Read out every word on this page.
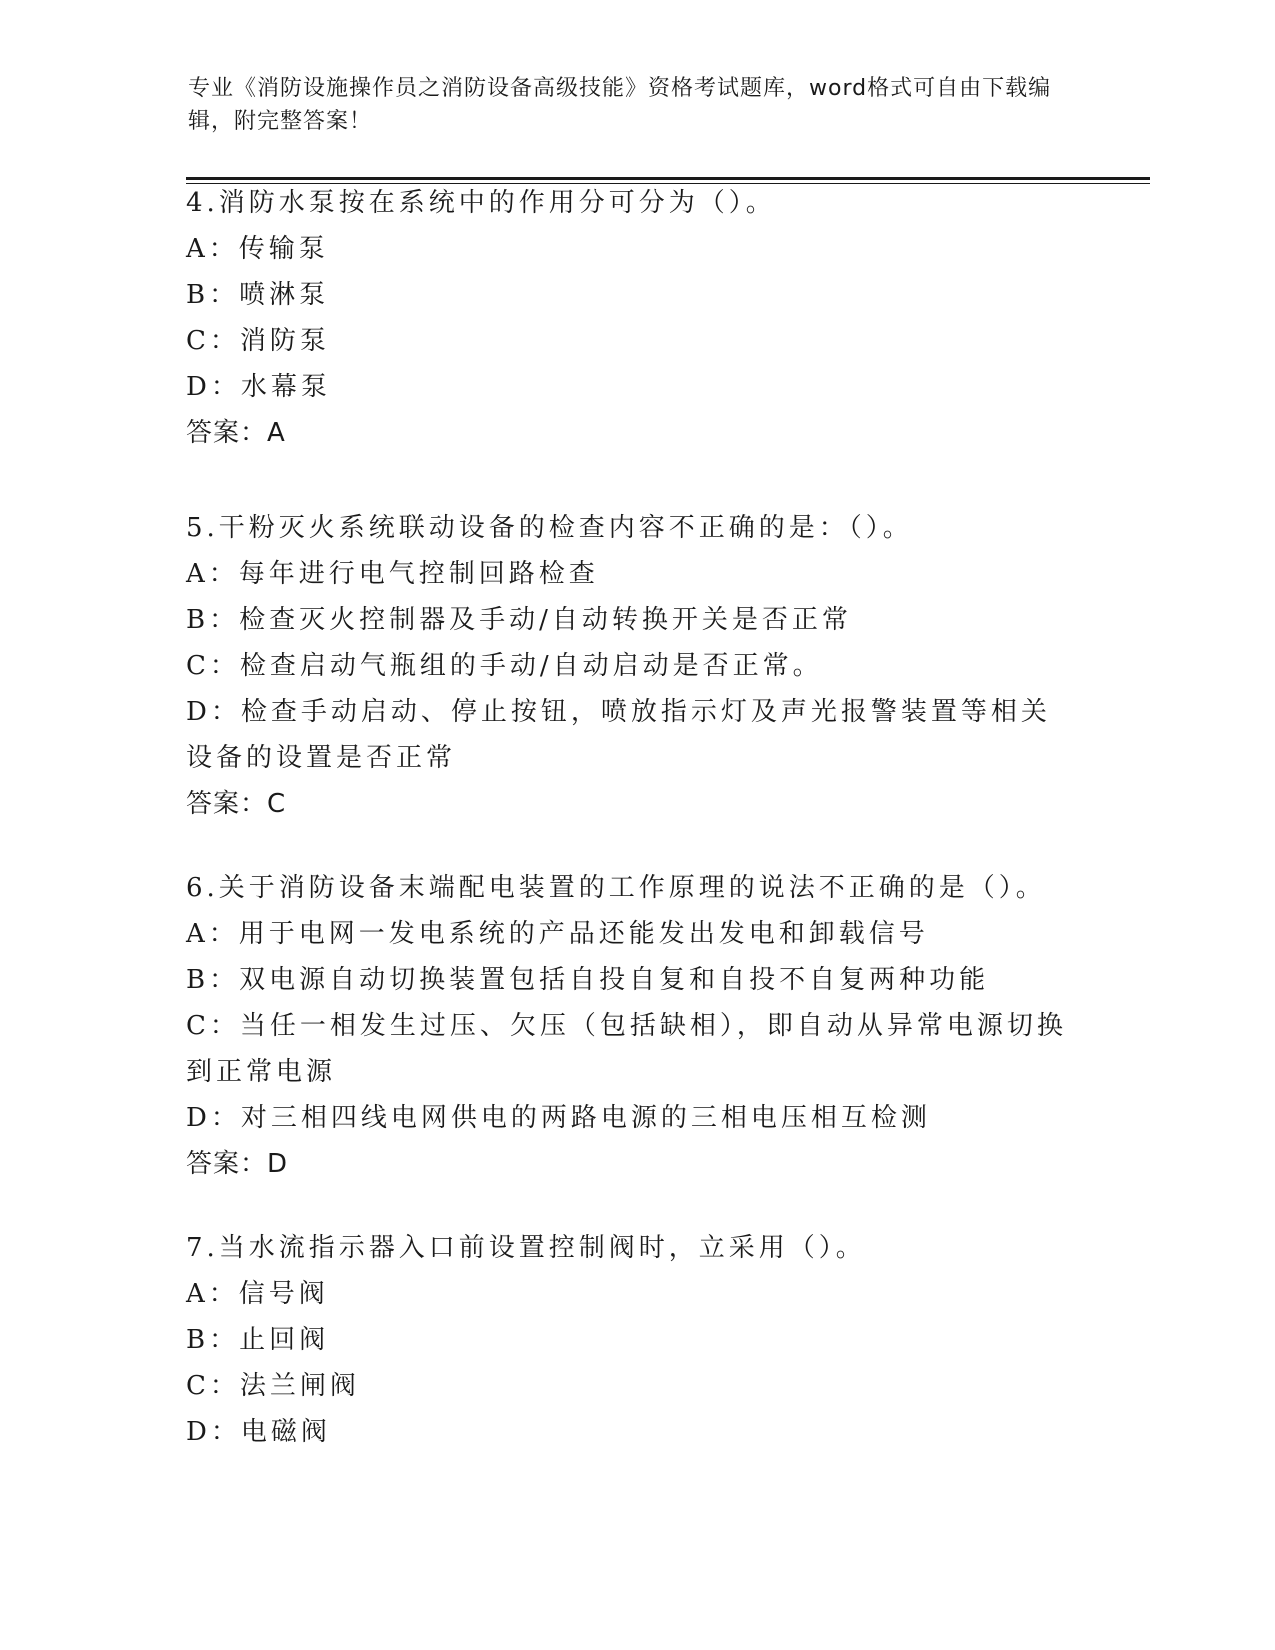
专业《消防设施操作员之消防设备高级技能》资格考试题库，word格式可自由下载编辑，附完整答案！
4.消防水泵按在系统中的作用分可分为（）。
A：传输泵
B：喷淋泵
C：消防泵
D：水幕泵
答案：A
5.干粉灭火系统联动设备的检查内容不正确的是：（）。
A：每年进行电气控制回路检查
B：检查灭火控制器及手动/自动转换开关是否正常
C：检查启动气瓶组的手动/自动启动是否正常。
D：检查手动启动、停止按钮，喷放指示灯及声光报警装置等相关设备的设置是否正常
答案：C
6.关于消防设备末端配电装置的工作原理的说法不正确的是（）。
A：用于电网一发电系统的产品还能发出发电和卸载信号
B：双电源自动切换装置包括自投自复和自投不自复两种功能
C：当任一相发生过压、欠压（包括缺相），即自动从异常电源切换到正常电源
D：对三相四线电网供电的两路电源的三相电压相互检测
答案：D
7.当水流指示器入口前设置控制阀时，立采用（）。
A：信号阀
B：止回阀
C：法兰闸阀
D：电磁阀
